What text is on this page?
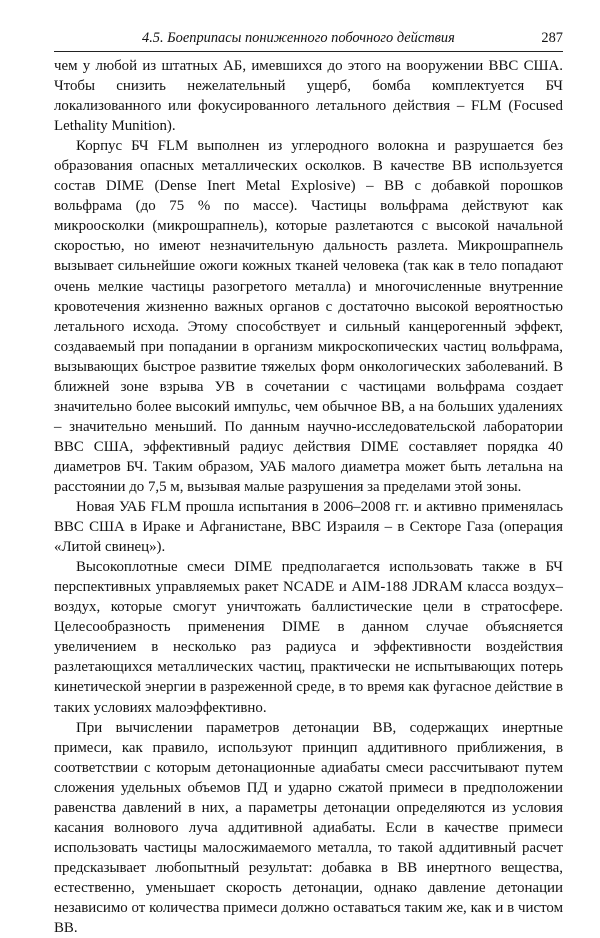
4.5. Боеприпасы пониженного побочного действия	287

чем у любой из штатных АБ, имевшихся до этого на вооружении ВВС США. Чтобы снизить нежелательный ущерб, бомба комплектуется БЧ локализованного или фокусированного летального действия – FLM (Focused Lethality Munition).

Корпус БЧ FLM выполнен из углеродного волокна и разрушается без образования опасных металлических осколков. В качестве ВВ используется состав DIME (Dense Inert Metal Explosive) – ВВ с добавкой порошков вольфрама (до 75 % по массе). Частицы вольфрама действуют как микроосколки (микрошрапнель), которые разлетаются с высокой начальной скоростью, но имеют незначительную дальность разлета. Микрошрапнель вызывает сильнейшие ожоги кожных тканей человека (так как в тело попадают очень мелкие частицы разогретого металла) и многочисленные внутренние кровотечения жизненно важных органов с достаточно высокой вероятностью летального исхода. Этому способствует и сильный канцерогенный эффект, создаваемый при попадании в организм микроскопических частиц вольфрама, вызывающих быстрое развитие тяжелых форм онкологических заболеваний. В ближней зоне взрыва УВ в сочетании с частицами вольфрама создает значительно более высокий импульс, чем обычное ВВ, а на больших удалениях – значительно меньший. По данным научно-исследовательской лаборатории ВВС США, эффективный радиус действия DIME составляет порядка 40 диаметров БЧ. Таким образом, УАБ малого диаметра может быть летальна на расстоянии до 7,5 м, вызывая малые разрушения за пределами этой зоны.

Новая УАБ FLM прошла испытания в 2006–2008 гг. и активно применялась ВВС США в Ираке и Афганистане, ВВС Израиля – в Секторе Газа (операция «Литой свинец»).

Высокоплотные смеси DIME предполагается использовать также в БЧ перспективных управляемых ракет NCADE и AIM-188 JDRAM класса воздух–воздух, которые смогут уничтожать баллистические цели в стратосфере. Целесообразность применения DIME в данном случае объясняется увеличением в несколько раз радиуса и эффективности воздействия разлетающихся металлических частиц, практически не испытывающих потерь кинетической энергии в разреженной среде, в то время как фугасное действие в таких условиях малоэффективно.

При вычислении параметров детонации ВВ, содержащих инертные примеси, как правило, используют принцип аддитивного приближения, в соответствии с которым детонационные адиабаты смеси рассчитывают путем сложения удельных объемов ПД и ударно сжатой примеси в предположении равенства давлений в них, а параметры детонации определяются из условия касания волнового луча аддитивной адиабаты. Если в качестве примеси использовать частицы малосжимаемого металла, то такой аддитивный расчет предсказывает любопытный результат: добавка в ВВ инертного вещества, естественно, уменьшает скорость детонации, однако давление детонации независимо от количества примеси должно оставаться таким же, как и в чистом ВВ.
